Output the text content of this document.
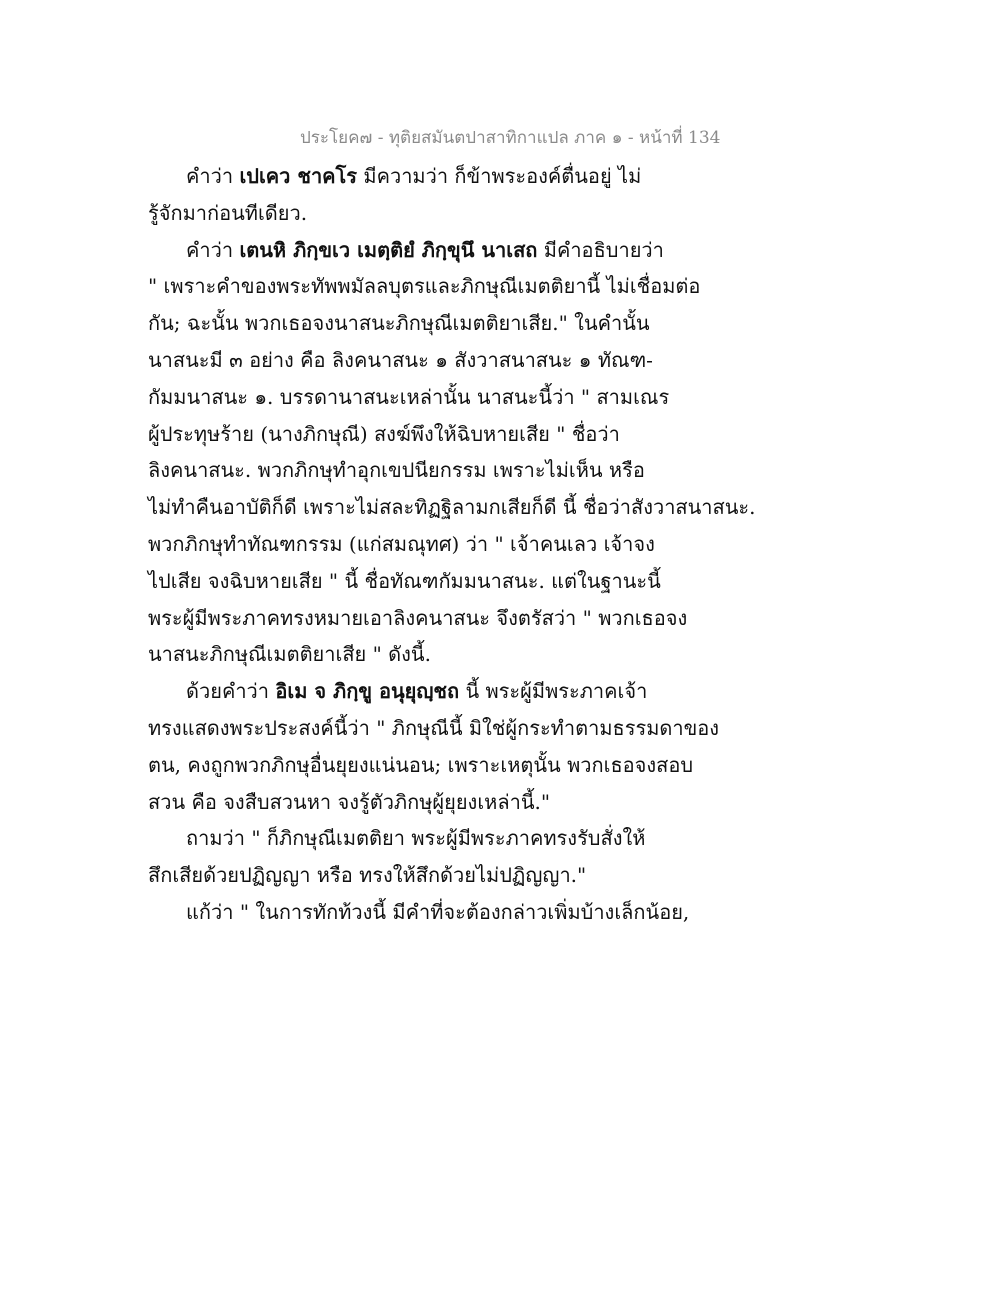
ประโยค๗ - ทุติยสมันตปาสาทิกาแปล ภาค ๑ - หน้าที่ 134
คำว่า เปเคว ชาคโร มีความว่า ก็ข้าพระองค์ตื่นอยู่ ไม่
รู้จักมาก่อนทีเดียว.
คำว่า เตนหิ ภิกฺขเว เมตฺติยํ ภิกฺขุนึ นาเสถ มีคำอธิบายว่า
" เพราะคำของพระทัพพมัลลบุตรและภิกษุณีเมตติยานี้ ไม่เชื่อมต่อ
กัน; ฉะนั้น พวกเธอจงนาสนะภิกษุณีเมตติยาเสีย." ในคำนั้น
นาสนะมี ๓ อย่าง คือ ลิงคนาสนะ ๑ สังวาสนาสนะ ๑ ทัณฑ-
กัมมนาสนะ ๑. บรรดานาสนะเหล่านั้น นาสนะนี้ว่า " สามเณร
ผู้ประทุษร้าย (นางภิกษุณี) สงฆ์พึงให้ฉิบหายเสีย " ชื่อว่า
ลิงคนาสนะ. พวกภิกษุทำอุกเขปนียกรรม เพราะไม่เห็น หรือ
ไม่ทำคืนอาบัติก็ดี เพราะไม่สละทิฏฐิลามกเสียก็ดี นี้ ชื่อว่าสังวาสนาสนะ.
พวกภิกษุทำทัณฑกรรม (แก่สมณุทศ) ว่า " เจ้าคนเลว เจ้าจง
ไปเสีย จงฉิบหายเสีย " นี้ ชื่อทัณฑกัมมนาสนะ. แต่ในฐานะนี้
พระผู้มีพระภาคทรงหมายเอาลิงคนาสนะ จึงตรัสว่า " พวกเธอจง
นาสนะภิกษุณีเมตติยาเสีย " ดังนี้.
ด้วยคำว่า อิเม จ ภิกฺขู อนุยุญฺชถ นี้ พระผู้มีพระภาคเจ้า
ทรงแสดงพระประสงค์นี้ว่า " ภิกษุณีนี้ มิใช่ผู้กระทำตามธรรมดาของ
ตน, คงถูกพวกภิกษุอื่นยุยงแน่นอน; เพราะเหตุนั้น พวกเธอจงสอบ
สวน คือ จงสืบสวนหา จงรู้ตัวภิกษุผู้ยุยงเหล่านี้."
ถามว่า " ก็ภิกษุณีเมตติยา พระผู้มีพระภาคทรงรับสั่งให้
สึกเสียด้วยปฏิญญา หรือ ทรงให้สึกด้วยไม่ปฏิญญา."
แก้ว่า " ในการทักท้วงนี้ มีคำที่จะต้องกล่าวเพิ่มบ้างเล็กน้อย,
